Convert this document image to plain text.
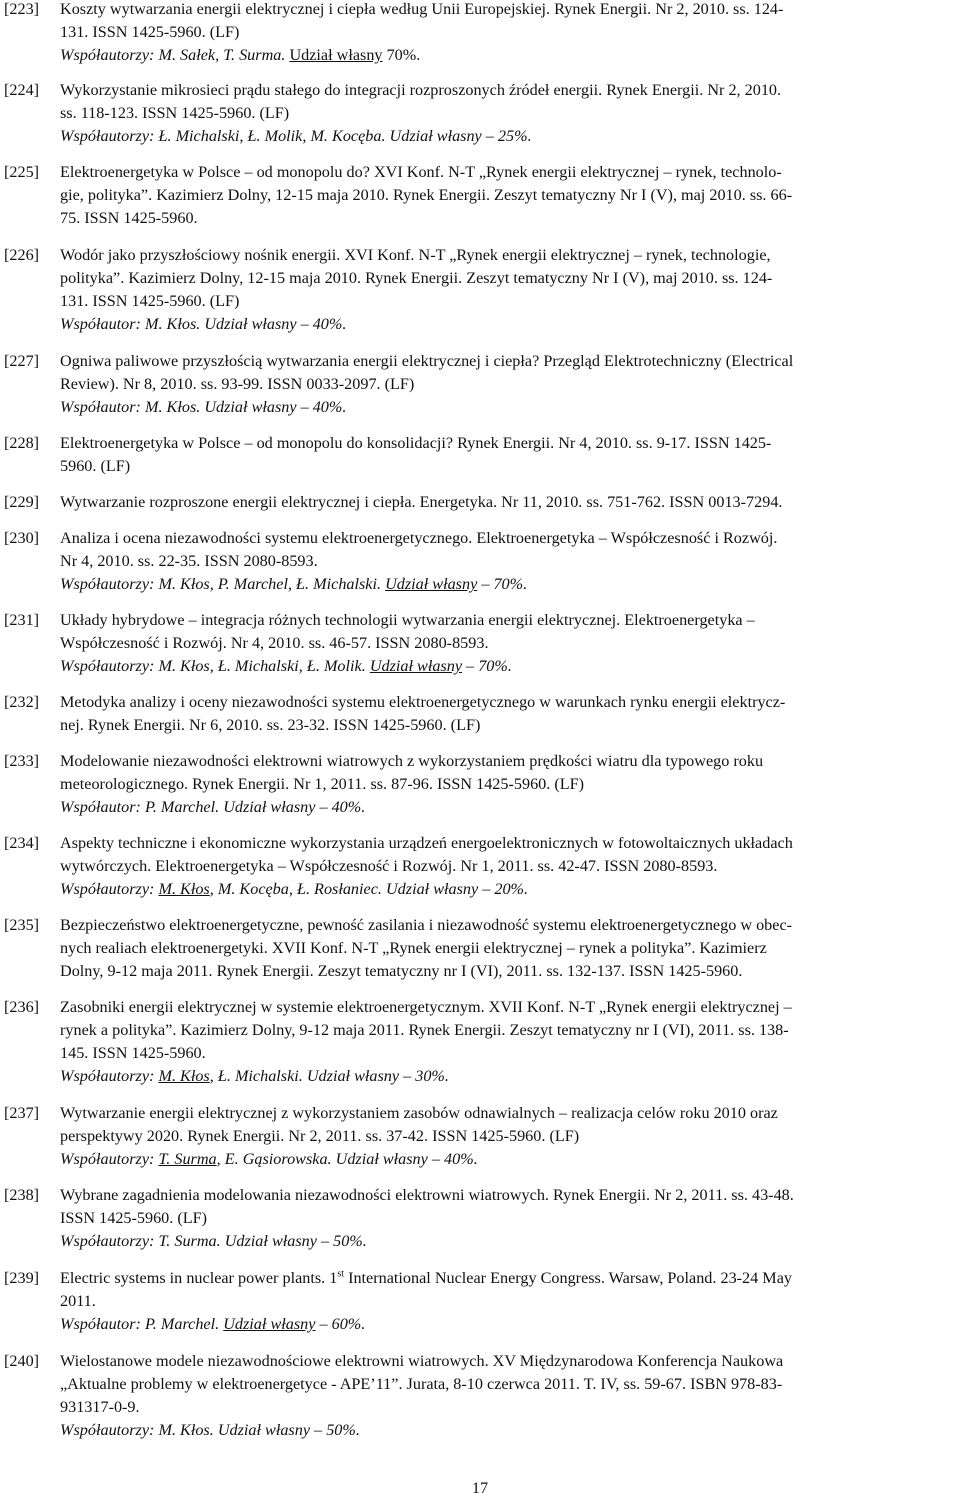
[223] Koszty wytwarzania energii elektrycznej i ciepła według Unii Europejskiej. Rynek Energii. Nr 2, 2010. ss. 124-
131. ISSN 1425-5960. (LF)
Współautorzy: M. Sałek, T. Surma. Udział własny 70%.
[224] Wykorzystanie mikrosieci prądu stałego do integracji rozproszonych źródeł energii. Rynek Energii. Nr 2, 2010.
ss. 118-123. ISSN 1425-5960. (LF)
Współautorzy: Ł. Michalski, Ł. Molik, M. Kocęba. Udział własny – 25%.
[225] Elektroenergetyka w Polsce – od monopolu do? XVI Konf. N-T „Rynek energii elektrycznej – rynek, technolo-
gie, polityka”. Kazimierz Dolny, 12-15 maja 2010. Rynek Energii. Zeszyt tematyczny Nr I (V), maj 2010. ss. 66-
75. ISSN 1425-5960.
[226] Wodór jako przyszłościowy nośnik energii. XVI Konf. N-T „Rynek energii elektrycznej – rynek, technologie,
polityka”. Kazimierz Dolny, 12-15 maja 2010. Rynek Energii. Zeszyt tematyczny Nr I (V), maj 2010. ss. 124-
131. ISSN 1425-5960. (LF)
Współautor: M. Kłos. Udział własny – 40%.
[227] Ogniwa paliwowe przyszłością wytwarzania energii elektrycznej i ciepła? Przegląd Elektrotechniczny (Electrical
Review). Nr 8, 2010. ss. 93-99. ISSN 0033-2097. (LF)
Współautor: M. Kłos. Udział własny – 40%.
[228] Elektroenergetyka w Polsce – od monopolu do konsolidacji? Rynek Energii. Nr 4, 2010. ss. 9-17. ISSN 1425-
5960. (LF)
[229] Wytwarzanie rozproszone energii elektrycznej i ciepła. Energetyka. Nr 11, 2010. ss. 751-762. ISSN 0013-7294.
[230] Analiza i ocena niezawodności systemu elektroenergetycznego. Elektroenergetyka – Współczesność i Rozwój.
Nr 4, 2010. ss. 22-35. ISSN 2080-8593.
Współautorzy: M. Kłos, P. Marchel, Ł. Michalski. Udział własny – 70%.
[231] Układy hybrydowe – integracja różnych technologii wytwarzania energii elektrycznej. Elektroenergetyka –
Współczesność i Rozwój. Nr 4, 2010. ss. 46-57. ISSN 2080-8593.
Współautorzy: M. Kłos, Ł. Michalski, Ł. Molik. Udział własny – 70%.
[232] Metodyka analizy i oceny niezawodności systemu elektroenergetycznego w warunkach rynku energii elektrycz-
nej. Rynek Energii. Nr 6, 2010. ss. 23-32. ISSN 1425-5960. (LF)
[233] Modelowanie niezawodności elektrowni wiatrowych z wykorzystaniem prędkości wiatru dla typowego roku
meteorologicznego. Rynek Energii. Nr 1, 2011. ss. 87-96. ISSN 1425-5960. (LF)
Współautor: P. Marchel. Udział własny – 40%.
[234] Aspekty techniczne i ekonomiczne wykorzystania urządzeń energoelektronicznych w fotowoltaicznych układach
wytwórczych. Elektroenergetyka – Współczesność i Rozwój. Nr 1, 2011. ss. 42-47. ISSN 2080-8593.
Współautorzy: M. Kłos, M. Kocęba, Ł. Rosłaniec. Udział własny – 20%.
[235] Bezpieczeństwo elektroenergetyczne, pewność zasilania i niezawodność systemu elektroenergetycznego w obec-
nych realiach elektroenergetyki. XVII Konf. N-T „Rynek energii elektrycznej – rynek a polityka”. Kazimierz
Dolny, 9-12 maja 2011. Rynek Energii. Zeszyt tematyczny nr I (VI), 2011. ss. 132-137. ISSN 1425-5960.
[236] Zasobniki energii elektrycznej w systemie elektroenergetycznym. XVII Konf. N-T „Rynek energii elektrycznej –
rynek a polityka”. Kazimierz Dolny, 9-12 maja 2011. Rynek Energii. Zeszyt tematyczny nr I (VI), 2011. ss. 138-
145. ISSN 1425-5960.
Współautorzy: M. Kłos, Ł. Michalski. Udział własny – 30%.
[237] Wytwarzanie energii elektrycznej z wykorzystaniem zasobów odnawialnych – realizacja celów roku 2010 oraz
perspektywy 2020. Rynek Energii. Nr 2, 2011. ss. 37-42. ISSN 1425-5960. (LF)
Współautorzy: T. Surma, E. Gąsiorowska. Udział własny – 40%.
[238] Wybrane zagadnienia modelowania niezawodności elektrowni wiatrowych. Rynek Energii. Nr 2, 2011. ss. 43-48.
ISSN 1425-5960. (LF)
Współautorzy: T. Surma. Udział własny – 50%.
[239] Electric systems in nuclear power plants. 1st International Nuclear Energy Congress. Warsaw, Poland. 23-24 May
2011.
Współautor: P. Marchel. Udział własny – 60%.
[240] Wielostanowe modele niezawodnościowe elektrowni wiatrowych. XV Międzynarodowa Konferencja Naukowa
„Aktualne problemy w elektroenergetyce - APE’11”. Jurata, 8-10 czerwca 2011. T. IV, ss. 59-67. ISBN 978-83-
931317-0-9.
Współautorzy: M. Kłos. Udział własny – 50%.
17
